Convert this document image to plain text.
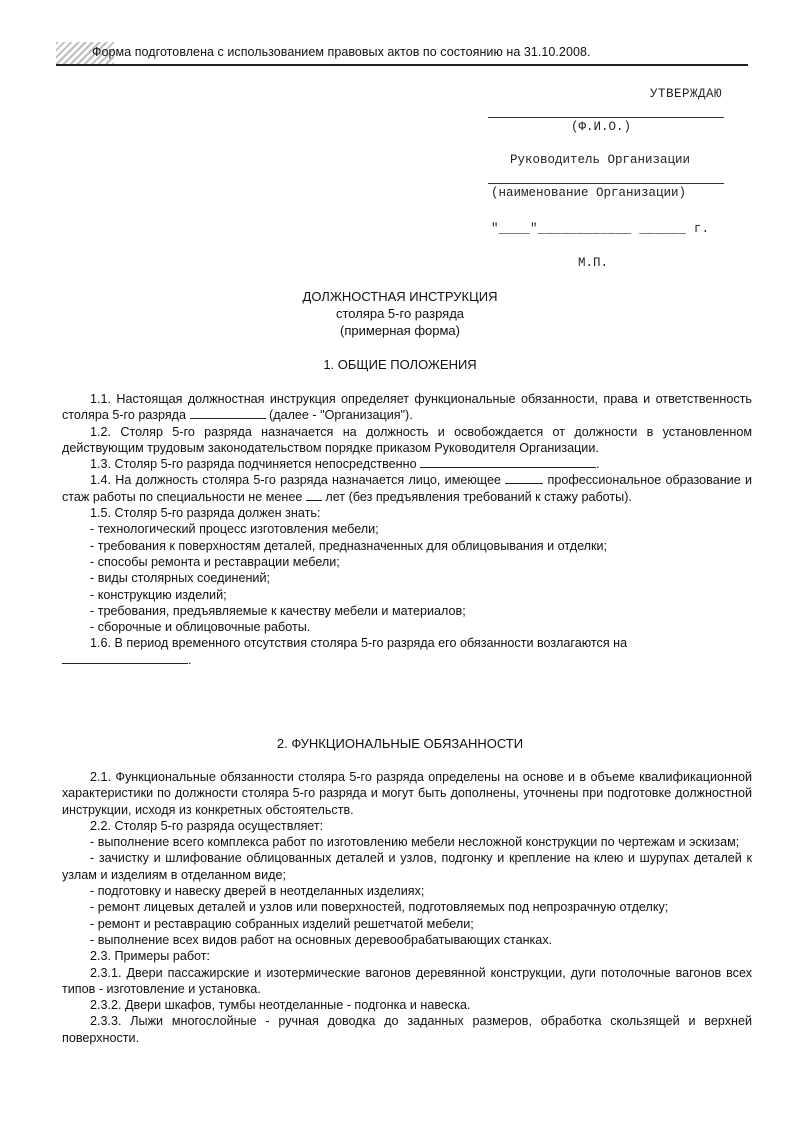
Форма подготовлена с использованием правовых актов по состоянию на 31.10.2008.
УТВЕРЖДАЮ
(Ф.И.О.)
Руководитель Организации
(наименование Организации)
"____"____________ ______ г.
М.П.
ДОЛЖНОСТНАЯ ИНСТРУКЦИЯ
столяра 5-го разряда
(примерная форма)
1. ОБЩИЕ ПОЛОЖЕНИЯ

1.1. Настоящая должностная инструкция определяет функциональные обязанности, права и ответственность столяра 5-го разряда	(далее - "Организация").

1.2. Столяр 5-го разряда назначается на должность и освобождается от должности в установленном действующим трудовым законодательством порядке приказом Руководителя Организации.

1.3. Столяр 5-го разряда подчиняется непосредственно	.

1.4. На должность столяра 5-го разряда назначается лицо, имеющее	профессиональное образование и стаж работы по специальности не менее лет (без предъявления требований к стажу работы).

1.5. Столяр 5-го разряда должен знать:

- технологический процесс изготовления мебели;

- требования к поверхностям деталей, предназначенных для облицовывания и отделки;

- способы ремонта и реставрации мебели;

- виды столярных соединений;

- конструкцию изделий;

- требования, предъявляемые к качеству мебели и материалов;

- сборочные и облицовочные работы.

1.6. В период временного отсутствия столяра 5-го разряда его обязанности возлагаются на

.

2. ФУНКЦИОНАЛЬНЫЕ ОБЯЗАННОСТИ

2.1. Функциональные обязанности столяра 5-го разряда определены на основе и в объеме квалификационной характеристики по должности столяра 5-го разряда и могут быть дополнены, уточнены при подготовке должностной инструкции, исходя из конкретных обстоятельств.

2.2. Столяр 5-го разряда осуществляет:

- выполнение всего комплекса работ по изготовлению мебели несложной конструкции по чертежам и эскизам;

- зачистку и шлифование облицованных деталей и узлов, подгонку и крепление на клею и шурупах деталей к узлам и изделиям в отделанном виде;

- подготовку и навеску дверей в неотделанных изделиях;

- ремонт лицевых деталей и узлов или поверхностей, подготовляемых под непрозрачную отделку;

- ремонт и реставрацию собранных изделий решетчатой мебели;

- выполнение всех видов работ на основных деревообрабатывающих станках.

2.3. Примеры работ:

2.3.1. Двери пассажирские и изотермические вагонов деревянной конструкции, дуги потолочные вагонов всех типов - изготовление и установка.

2.3.2. Двери шкафов, тумбы неотделанные - подгонка и навеска.

2.3.3. Лыжи многослойные - ручная доводка до заданных размеров, обработка скользящей и верхней поверхности.
